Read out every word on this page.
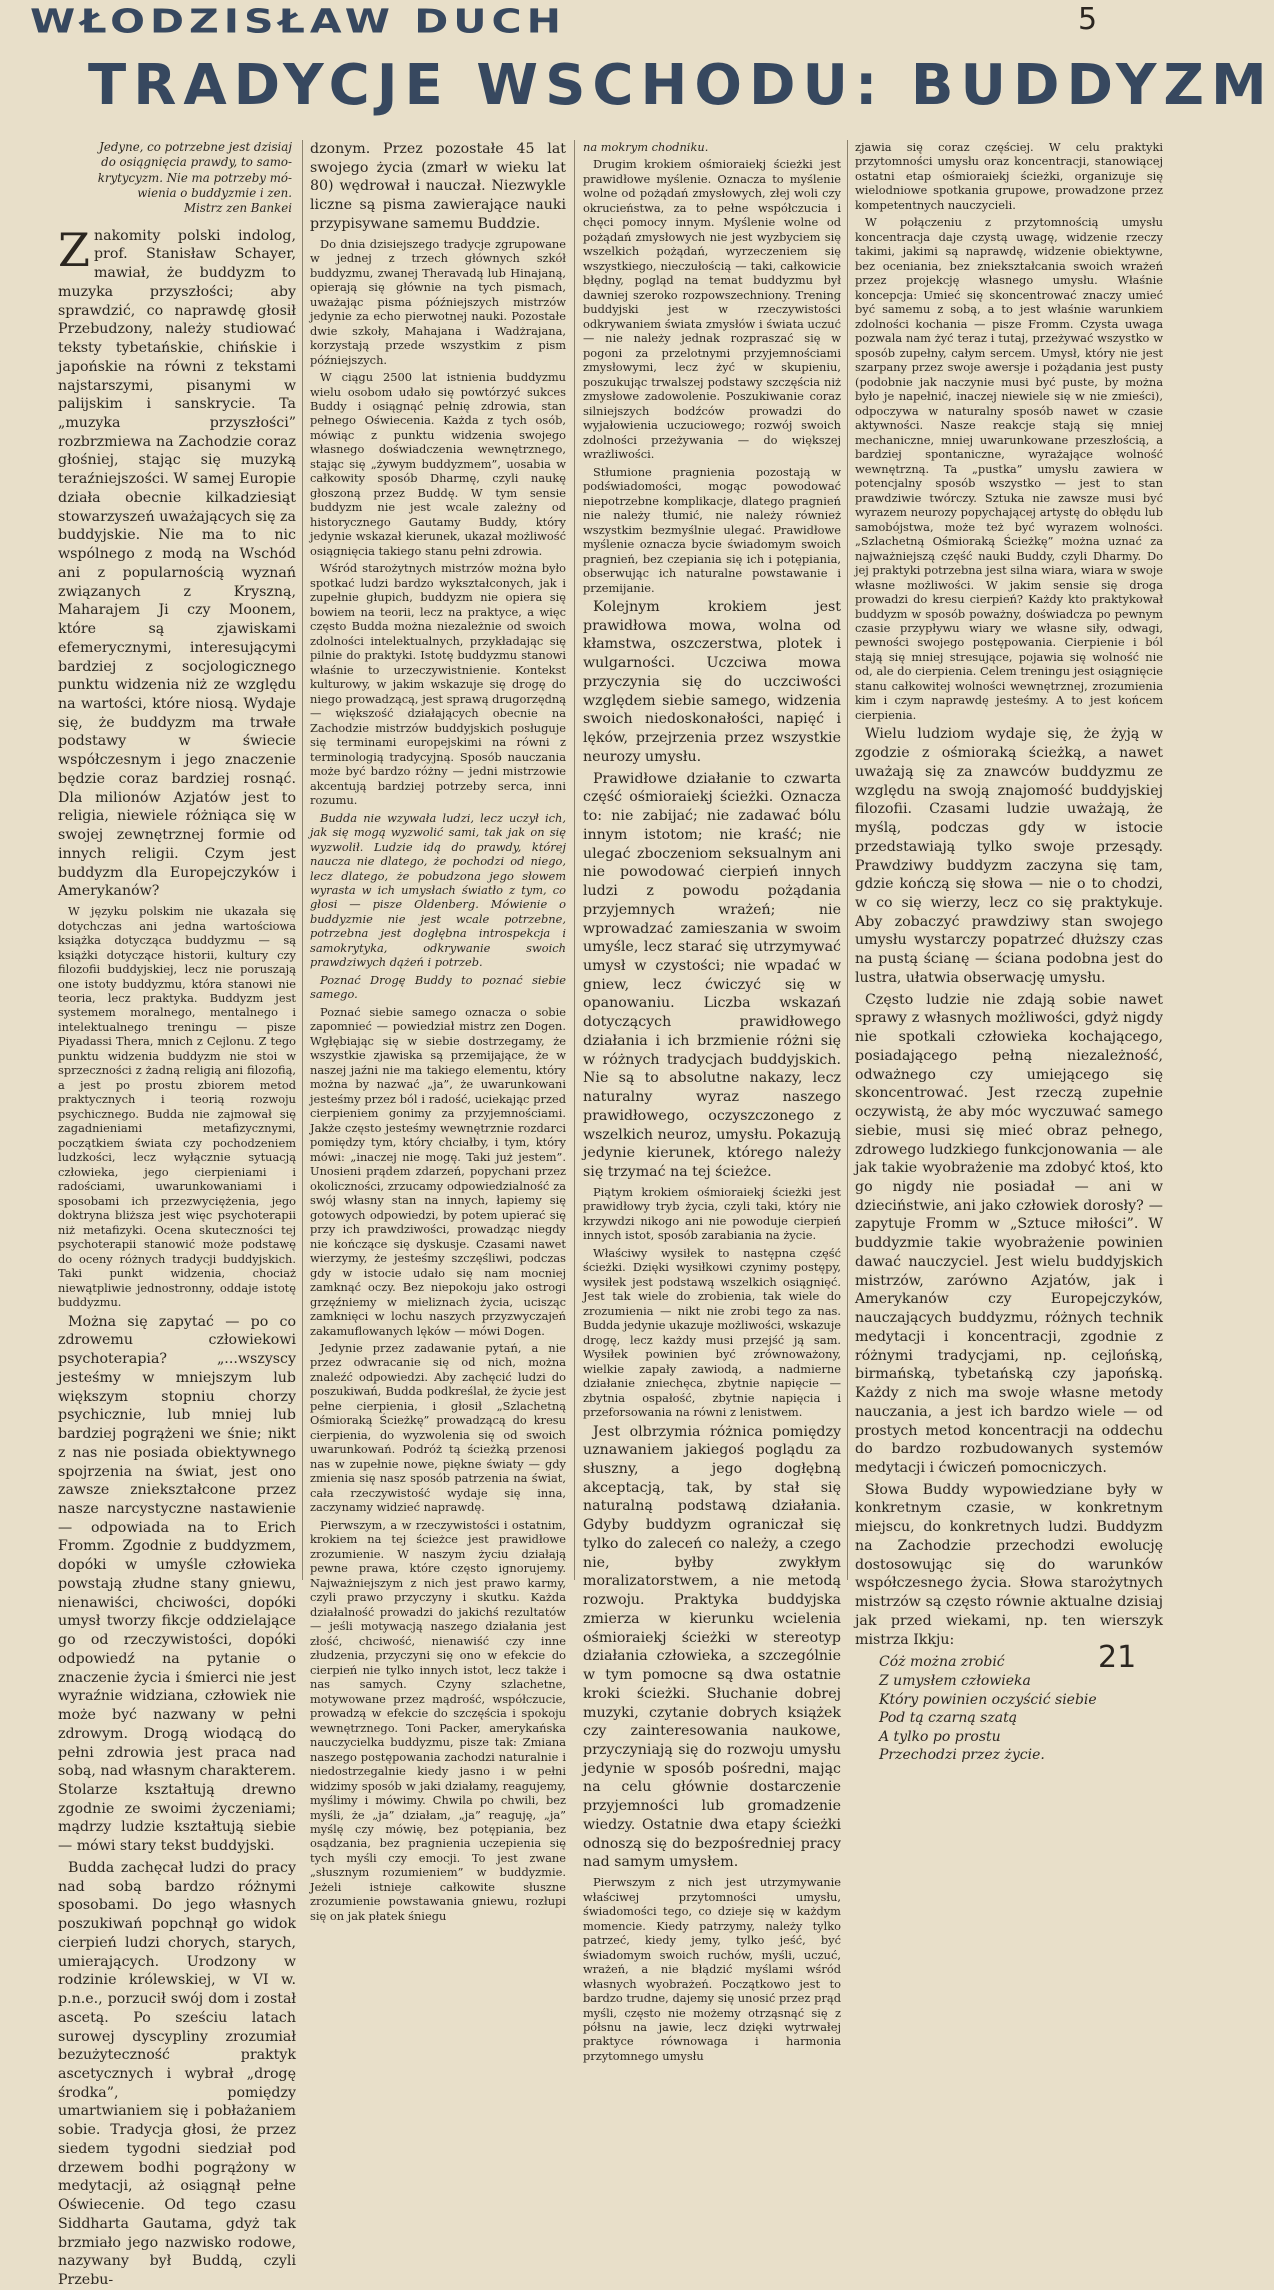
WŁODZISŁAW DUCH	5
TRADYCJE WSCHODU: BUDDYZM
Jedyne, co potrzebne jest dzisiaj
do osiągnięcia prawdy, to samo-
krytycyzm. Nie ma potrzeby mó-
wienia o buddyzmie i zen.
Mistrz zen Bankei

Znakomity polski indolog, prof. Stanisław Schayer, mawiał, że buddyzm to muzyka przyszłości; aby sprawdzić, co naprawdę głosił Przebudzony, należy studiować teksty tybetańskie, chińskie i japońskie na równi z tekstami najstarszymi, pisanymi w palijskim i sanskrycie. Ta „muzyka przyszłości” rozbrzmiewa na Zachodzie coraz głośniej, stając się muzyką teraźniejszości. W samej Europie działa obecnie kilkadziesiąt stowarzyszeń uważających się za buddyjskie. Nie ma to nic wspólnego z modą na Wschód ani z popularnością wyznań związanych z Kryszną, Maharajem Ji czy Moonem, które są zjawiskami efemerycznymi, interesującymi bardziej z socjologicznego punktu widzenia niż ze względu na wartości, które niosą. Wydaje się, że buddyzm ma trwałe podstawy w świecie współczesnym i jego znaczenie będzie coraz bardziej rosnąć. Dla milionów Azjatów jest to religia, niewiele różniąca się w swojej zewnętrznej formie od innych religii. Czym jest buddyzm dla Europejczyków i Amerykanów?

W języku polskim nie ukazała się dotychczas ani jedna wartościowa książka dotycząca buddyzmu — są książki dotyczące historii, kultury czy filozofii buddyjskiej, lecz nie poruszają one istoty buddyzmu, która stanowi nie teoria, lecz praktyka. Buddyzm jest systemem moralnego, mentalnego i intelektualnego treningu — pisze Piyadassi Thera, mnich z Cejlonu. Z tego punktu widzenia buddyzm nie stoi w sprzeczności z żadną religią ani filozofią, a jest po prostu zbiorem metod praktycznych i teorią rozwoju psychicznego. Budda nie zajmował się zagadnieniami metafizycznymi, początkiem świata czy pochodzeniem ludzkości, lecz wyłącznie sytuacją człowieka, jego cierpieniami i radościami, uwarunkowaniami i sposobami ich przezwyciężenia, jego doktryna bliższa jest więc psychoterapii niż metafizyki. Ocena skuteczności tej psychoterapii stanowić może podstawę do oceny różnych tradycji buddyjskich. Taki punkt widzenia, chociaż niewątpliwie jednostronny, oddaje istotę buddyzmu.

Można się zapytać — po co zdrowemu człowiekowi psychoterapia? „...wszyscy jesteśmy w mniejszym lub większym stopniu chorzy psychicznie, lub mniej lub bardziej pogrążeni we śnie; nikt z nas nie posiada obiektywnego spojrzenia na świat, jest ono zawsze zniekształcone przez nasze narcystyczne nastawienie — odpowiada na to Erich Fromm. Zgodnie z buddyzmem, dopóki w umyśle człowieka powstają złudne stany gniewu, nienawiści, chciwości, dopóki umysł tworzy fikcje oddzielające go od rzeczywistości, dopóki odpowiedź na pytanie o znaczenie życia i śmierci nie jest wyraźnie widziana, człowiek nie może być nazwany w pełni zdrowym. Drogą wiodącą do pełni zdrowia jest praca nad sobą, nad własnym charakterem. Stolarze kształtują drewno zgodnie ze swoimi życzeniami; mądrzy ludzie kształtują siebie — mówi stary tekst buddyjski.

Budda zachęcał ludzi do pracy nad sobą bardzo różnymi sposobami. Do jego własnych poszukiwań popchnął go widok cierpień ludzi chorych, starych, umierających. Urodzony w rodzinie królewskiej, w VI w. p.n.e., porzucił swój dom i został ascetą. Po sześciu latach surowej dyscypliny zrozumiał bezużyteczność praktyk ascetycznych i wybrał „drogę środka”, pomiędzy umartwianiem się i pobłażaniem sobie. Tradycja głosi, że przez siedem tygodni siedział pod drzewem bodhi pogrążony w medytacji, aż osiągnął pełne Oświecenie. Od tego czasu Siddharta Gautama, gdyż tak brzmiało jego nazwisko rodowe, nazywany był Buddą, czyli Przebu-

dzonym. Przez pozostałe 45 lat swojego życia (zmarł w wieku lat 80) wędrował i nauczał. Niezwykle liczne są pisma zawierające nauki przypisywane samemu Buddzie.

Do dnia dzisiejszego tradycje zgrupowane w jednej z trzech głównych szkół buddyzmu, zwanej Theravadą lub Hinajaną, opierają się głównie na tych pismach, uważając pisma późniejszych mistrzów jedynie za echo pierwotnej nauki. Pozostałe dwie szkoły, Mahajana i Wadżrajana, korzystają przede wszystkim z pism późniejszych.

W ciągu 2500 lat istnienia buddyzmu wielu osobom udało się powtórzyć sukces Buddy i osiągnąć pełnię zdrowia, stan pełnego Oświecenia. Każda z tych osób, mówiąc z punktu widzenia swojego własnego doświadczenia wewnętrznego, stając się „żywym buddyzmem”, uosabia w całkowity sposób Dharmę, czyli naukę głoszoną przez Buddę. W tym sensie buddyzm nie jest wcale zależny od historycznego Gautamy Buddy, który jedynie wskazał kierunek, ukazał możliwość osiągnięcia takiego stanu pełni zdrowia.

Wśród starożytnych mistrzów można było spotkać ludzi bardzo wykształconych, jak i zupełnie głupich, buddyzm nie opiera się bowiem na teorii, lecz na praktyce, a więc często Budda można niezależnie od swoich zdolności intelektualnych, przykładając się pilnie do praktyki. Istotę buddyzmu stanowi właśnie to urzeczywistnienie. Kontekst kulturowy, w jakim wskazuje się drogę do niego prowadzącą, jest sprawą drugorzędną — większość działających obecnie na Zachodzie mistrzów buddyjskich posługuje się terminami europejskimi na równi z terminologią tradycyjną. Sposób nauczania może być bardzo różny — jedni mistrzowie akcentują bardziej potrzeby serca, inni rozumu.

Budda nie wzywała ludzi, lecz uczył ich, jak się mogą wyzwolić sami, tak jak on się wyzwolił. Ludzie idą do prawdy, której naucza nie dlatego, że pochodzi od niego, lecz dlatego, że pobudzona jego słowem wyrasta w ich umysłach światło z tym, co głosi — pisze Oldenberg. Mówienie o buddyzmie nie jest wcale potrzebne, potrzebna jest dogłębna introspekcja i samokrytyka, odkrywanie swoich prawdziwych dążeń i potrzeb.

Poznać Drogę Buddy to poznać siebie samego.

Poznać siebie samego oznacza o sobie zapomnieć — powiedział mistrz zen Dogen. Wgłębiając się w siebie dostrzegamy, że wszystkie zjawiska są przemijające, że w naszej jaźni nie ma takiego elementu, który można by nazwać „ja”, że uwarunkowani jesteśmy przez ból i radość, uciekając przed cierpieniem gonimy za przyjemnościami. Jakże często jesteśmy wewnętrznie rozdarci pomiędzy tym, który chciałby, i tym, który mówi: „inaczej nie mogę. Taki już jestem”. Unosieni prądem zdarzeń, popychani przez okoliczności, zrzucamy odpowiedzialność za swój własny stan na innych, łapiemy się gotowych odpowiedzi, by potem upierać się przy ich prawdziwości, prowadząc niegdy nie kończące się dyskusje. Czasami nawet wierzymy, że jesteśmy szczęśliwi, podczas gdy w istocie udało się nam mocniej zamknąć oczy. Bez niepokoju jako ostrogi grzęźniemy w mieliznach życia, ucisząc zamknięci w lochu naszych przyzwyczajeń zakamuflowanych lęków — mówi Dogen.

Jedynie przez zadawanie pytań, a nie przez odwracanie się od nich, można znaleźć odpowiedzi. Aby zachęcić ludzi do poszukiwań, Budda podkreślał, że życie jest pełne cierpienia, i głosił „Szlachetną Ośmioraką Ścieżkę” prowadzącą do kresu cierpienia, do wyzwolenia się od swoich uwarunkowań. Podróż tą ścieżką przenosi nas w zupełnie nowe, piękne światy — gdy zmienia się nasz sposób patrzenia na świat, cała rzeczywistość wydaje się inna, zaczynamy widzieć naprawdę.

Pierwszym, a w rzeczywistości i ostatnim, krokiem na tej ścieżce jest prawidłowe zrozumienie. W naszym życiu działają pewne prawa, które często ignorujemy. Najważniejszym z nich jest prawo karmy, czyli prawo przyczyny i skutku. Każda działalność prowadzi do jakichś rezultatów — jeśli motywacją naszego działania jest złość, chciwość, nienawiść czy inne złudzenia, przyczyni się ono w efekcie do cierpień nie tylko innych istot, lecz także i nas samych. Czyny szlachetne, motywowane przez mądrość, współczucie, prowadzą w efekcie do szczęścia i spokoju wewnętrznego. Toni Packer, amerykańska nauczycielka buddyzmu, pisze tak: Zmiana naszego postępowania zachodzi naturalnie i niedostrzegalnie kiedy jasno i w pełni widzimy sposób w jaki działamy, reagujemy, myślimy i mówimy. Chwila po chwili, bez myśli, że „ja” działam, „ja” reaguję, „ja” myślę czy mówię, bez potępiania, bez osądzania, bez pragnienia uczepienia się tych myśli czy emocji. To jest zwane „słusznym rozumieniem” w buddyzmie. Jeżeli istnieje całkowite słuszne zrozumienie powstawania gniewu, rozłupi się on jak płatek śniegu

na mokrym chodniku.

Drugim krokiem ośmioraiekj ścieżki jest prawidłowe myślenie. Oznacza to myślenie wolne od pożądań zmysłowych, złej woli czy okrucieństwa, za to pełne współczucia i chęci pomocy innym. Myślenie wolne od pożądań zmysłowych nie jest wyzbyciem się wszelkich pożądań, wyrzeczeniem się wszystkiego, nieczułością — taki, całkowicie błędny, pogląd na temat buddyzmu był dawniej szeroko rozpowszechniony. Trening buddyjski jest w rzeczywistości odkrywaniem świata zmysłów i świata uczuć — nie należy jednak rozpraszać się w pogoni za przelotnymi przyjemnościami zmysłowymi, lecz żyć w skupieniu, poszukując trwalszej podstawy szczęścia niż zmysłowe zadowolenie. Poszukiwanie coraz silniejszych bodźców prowadzi do wyjałowienia uczuciowego; rozwój swoich zdolności przeżywania — do większej wrażliwości.

Stłumione pragnienia pozostają w podświadomości, mogąc powodować niepotrzebne komplikacje, dlatego pragnień nie należy tłumić, nie należy również wszystkim bezmyślnie ulegać. Prawidłowe myślenie oznacza bycie świadomym swoich pragnień, bez czepiania się ich i potępiania, obserwując ich naturalne powstawanie i przemijanie.

Kolejnym krokiem jest prawidłowa mowa, wolna od kłamstwa, oszczerstwa, plotek i wulgarności. Uczciwa mowa przyczynia się do uczciwości względem siebie samego, widzenia swoich niedoskonałości, napięć i lęków, przejrzenia przez wszystkie neurozy umysłu.

Prawidłowe działanie to czwarta część ośmioraiekj ścieżki. Oznacza to: nie zabijać; nie zadawać bólu innym istotom; nie kraść; nie ulegać zboczeniom seksualnym ani nie powodować cierpień innych ludzi z powodu pożądania przyjemnych wrażeń; nie wprowadzać zamieszania w swoim umyśle, lecz starać się utrzymywać umysł w czystości; nie wpadać w gniew, lecz ćwiczyć się w opanowaniu. Liczba wskazań dotyczących prawidłowego działania i ich brzmienie różni się w różnych tradycjach buddyjskich. Nie są to absolutne nakazy, lecz naturalny wyraz naszego prawidłowego, oczyszczonego z wszelkich neuroz, umysłu. Pokazują jedynie kierunek, którego należy się trzymać na tej ścieżce.

Piątym krokiem ośmioraiekj ścieżki jest prawidłowy tryb życia, czyli taki, który nie krzywdzi nikogo ani nie powoduje cierpień innych istot, sposób zarabiania na życie.

Właściwy wysiłek to następna część ścieżki. Dzięki wysiłkowi czynimy postępy, wysiłek jest podstawą wszelkich osiągnięć. Jest tak wiele do zrobienia, tak wiele do zrozumienia — nikt nie zrobi tego za nas. Budda jedynie ukazuje możliwości, wskazuje drogę, lecz każdy musi przejść ją sam. Wysiłek powinien być zrównoważony, wielkie zapały zawiodą, a nadmierne działanie zniechęca, zbytnie napięcie — zbytnia ospałość, zbytnie napięcia i przeforsowania na równi z lenistwem.

Jest olbrzymia różnica pomiędzy uznawaniem jakiegoś poglądu za słuszny, a jego dogłębną akceptacją, tak, by stał się naturalną podstawą działania. Gdyby buddyzm ograniczał się tylko do zaleceń co należy, a czego nie, byłby zwykłym moralizatorstwem, a nie metodą rozwoju. Praktyka buddyjska zmierza w kierunku wcielenia ośmioraiekj ścieżki w stereotyp działania człowieka, a szczególnie w tym pomocne są dwa ostatnie kroki ścieżki. Słuchanie dobrej muzyki, czytanie dobrych książek czy zainteresowania naukowe, przyczyniają się do rozwoju umysłu jedynie w sposób pośredni, mając na celu głównie dostarczenie przyjemności lub gromadzenie wiedzy. Ostatnie dwa etapy ścieżki odnoszą się do bezpośredniej pracy nad samym umysłem.

Pierwszym z nich jest utrzymywanie właściwej przytomności umysłu, świadomości tego, co dzieje się w każdym momencie. Kiedy patrzymy, należy tylko patrzeć, kiedy jemy, tylko jeść, być świadomym swoich ruchów, myśli, uczuć, wrażeń, a nie błądzić myślami wśród własnych wyobrażeń. Początkowo jest to bardzo trudne, dajemy się unosić przez prąd myśli, często nie możemy otrząsnąć się z półsnu na jawie, lecz dzięki wytrwałej praktyce równowaga i harmonia przytomnego umysłu

zjawia się coraz częściej. W celu praktyki przytomności umysłu oraz koncentracji, stanowiącej ostatni etap ośmioraiekj ścieżki, organizuje się wielodniowe spotkania grupowe, prowadzone przez kompetentnych nauczycieli.

W połączeniu z przytomnością umysłu koncentracja daje czystą uwagę, widzenie rzeczy takimi, jakimi są naprawdę, widzenie obiektywne, bez oceniania, bez zniekształcania swoich wrażeń przez projekcję własnego umysłu. Właśnie koncepcja: Umieć się skoncentrować znaczy umieć być samemu z sobą, a to jest właśnie warunkiem zdolności kochania — pisze Fromm. Czysta uwaga pozwala nam żyć teraz i tutaj, przeżywać wszystko w sposób zupełny, całym sercem. Umysł, który nie jest szarpany przez swoje awersje i pożądania jest pusty (podobnie jak naczynie musi być puste, by można było je napełnić, inaczej niewiele się w nie zmieści), odpoczywa w naturalny sposób nawet w czasie aktywności. Nasze reakcje stają się mniej mechaniczne, mniej uwarunkowane przeszłością, a bardziej spontaniczne, wyrażające wolność wewnętrzną. Ta „pustka” umysłu zawiera w potencjalny sposób wszystko — jest to stan prawdziwie twórczy. Sztuka nie zawsze musi być wyrazem neurozy popychającej artystę do obłędu lub samobójstwa, może też być wyrazem wolności. „Szlachetną Ośmioraką Ścieżkę” można uznać za najważniejszą część nauki Buddy, czyli Dharmy. Do jej praktyki potrzebna jest silna wiara, wiara w swoje własne możliwości. W jakim sensie się droga prowadzi do kresu cierpień? Każdy kto praktykował buddyzm w sposób poważny, doświadcza po pewnym czasie przypływu wiary we własne siły, odwagi, pewności swojego postępowania. Cierpienie i ból stają się mniej stresujące, pojawia się wolność nie od, ale do cierpienia. Celem treningu jest osiągnięcie stanu całkowitej wolności wewnętrznej, zrozumienia kim i czym naprawdę jesteśmy. A to jest końcem cierpienia.

Wielu ludziom wydaje się, że żyją w zgodzie z ośmioraką ścieżką, a nawet uważają się za znawców buddyzmu ze względu na swoją znajomość buddyjskiej filozofii. Czasami ludzie uważają, że myślą, podczas gdy w istocie przedstawiają tylko swoje przesądy. Prawdziwy buddyzm zaczyna się tam, gdzie kończą się słowa — nie o to chodzi, w co się wierzy, lecz co się praktykuje. Aby zobaczyć prawdziwy stan swojego umysłu wystarczy popatrzeć dłuższy czas na pustą ścianę — ściana podobna jest do lustra, ułatwia obserwację umysłu.

Często ludzie nie zdają sobie nawet sprawy z własnych możliwości, gdyż nigdy nie spotkali człowieka kochającego, posiadającego pełną niezależność, odważnego czy umiejącego się skoncentrować. Jest rzeczą zupełnie oczywistą, że aby móc wyczuwać samego siebie, musi się mieć obraz pełnego, zdrowego ludzkiego funkcjonowania — ale jak takie wyobrażenie ma zdobyć ktoś, kto go nigdy nie posiadał — ani w dzieciństwie, ani jako człowiek dorosły? — zapytuje Fromm w „Sztuce miłości”. W buddyzmie takie wyobrażenie powinien dawać nauczyciel. Jest wielu buddyjskich mistrzów, zarówno Azjatów, jak i Amerykanów czy Europejczyków, nauczających buddyzmu, różnych technik medytacji i koncentracji, zgodnie z różnymi tradycjami, np. cejlońską, birmańską, tybetańską czy japońską. Każdy z nich ma swoje własne metody nauczania, a jest ich bardzo wiele — od prostych metod koncentracji na oddechu do bardzo rozbudowanych systemów medytacji i ćwiczeń pomocniczych.

Słowa Buddy wypowiedziane były w konkretnym czasie, w konkretnym miejscu, do konkretnych ludzi. Buddyzm na Zachodzie przechodzi ewolucję dostosowując się do warunków współczesnego życia. Słowa starożytnych mistrzów są często równie aktualne dzisiaj jak przed wiekami, np. ten wierszyk mistrza Ikkju:

Cóż można zrobić
Z umysłem człowieka
Który powinien oczyścić siebie
Pod tą czarną szatą
A tylko po prostu
Przechodzi przez życie.
21
